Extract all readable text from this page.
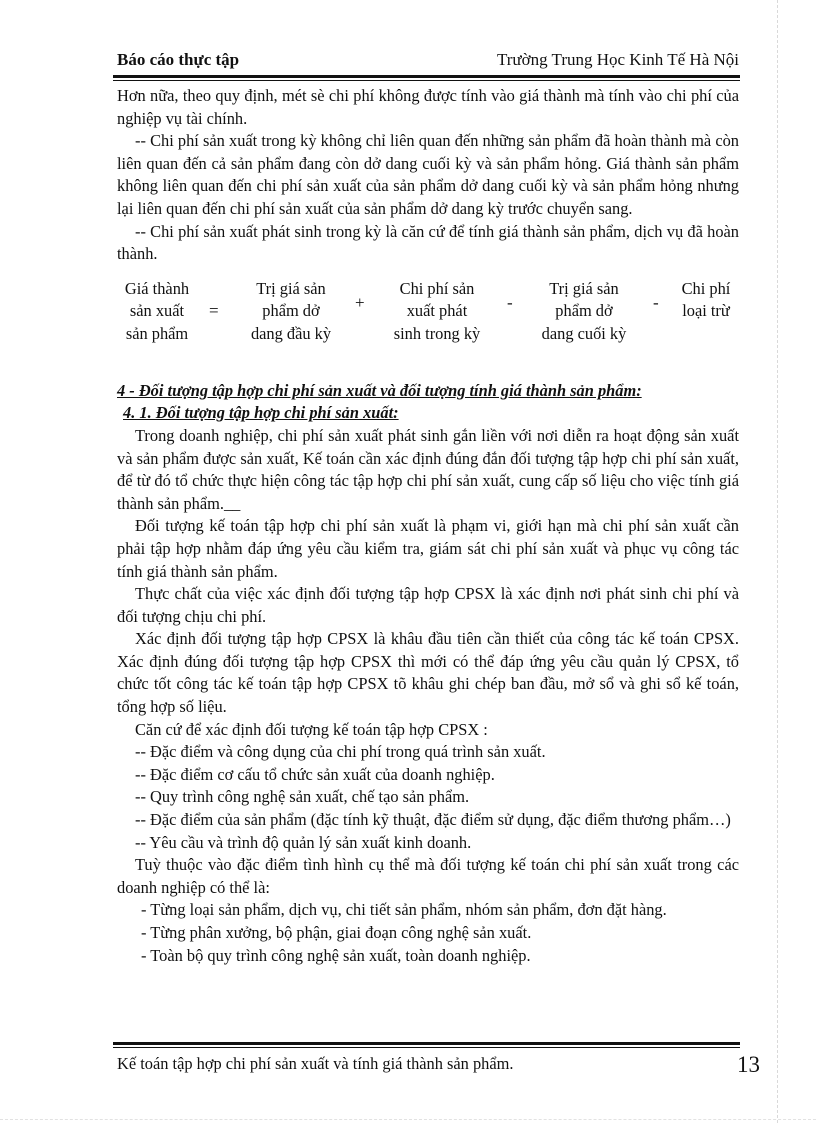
Báo cáo thực tập	Trường Trung Học Kinh Tế Hà Nội

Hơn nữa, theo quy định, mét sè chi phí không được tính vào giá thành mà tính vào chi phí của nghiệp vụ tài chính.

-- Chi phí sản xuất trong kỳ không chỉ liên quan đến những sản phẩm đã hoàn thành mà còn liên quan đến cả sản phẩm đang còn dở dang cuối kỳ và sản phẩm hỏng. Giá thành sản phẩm không liên quan đến chi phí sản xuất của sản phẩm dở dang cuối kỳ và sản phẩm hỏng nhưng lại liên quan đến chi phí sản xuất của sản phẩm dở dang kỳ trước chuyển sang.

-- Chi phí sản xuất phát sinh trong kỳ là căn cứ để tính giá thành sản phẩm, dịch vụ đã hoàn thành.

Giá thành
sản xuất
sản phẩm
=
Trị giá sản
phẩm dở
dang đầu kỳ
+
Chi phí sản
xuất phát
sinh trong kỳ
-
Trị giá sản
phẩm dở
dang cuối kỳ
-
Chi phí
loại trừ

4 - Đối tượng tập hợp chi phí sản xuất và đối tượng tính giá thành sản phẩm:

4. 1. Đối tượng tập hợp chi phí sản xuất:

Trong doanh nghiệp, chi phí sản xuất phát sinh gắn liền với nơi diễn ra hoạt động sản xuất và sản phẩm được sản xuất, Kế toán cần xác định đúng đắn đối tượng tập hợp chi phí sản xuất, để từ đó tổ chức thực hiện công tác tập hợp chi phí sản xuất, cung cấp số liệu cho việc tính giá thành sản phẩm.__

Đối tượng kế toán tập hợp chi phí sản xuất là phạm vi, giới hạn mà chi phí sản xuất cần phải tập hợp nhằm đáp ứng yêu cầu kiểm tra, giám sát chi phí sản xuất và phục vụ công tác tính giá thành sản phẩm.

Thực chất của việc xác định đối tượng tập hợp CPSX là xác định nơi phát sinh chi phí và đối tượng chịu chi phí.

Xác định đối tượng tập hợp CPSX là khâu đầu tiên cần thiết của công tác kế toán CPSX. Xác định đúng đối tượng tập hợp CPSX thì mới có thể đáp ứng yêu cầu quản lý CPSX, tổ chức tốt công tác kế toán tập hợp CPSX tõ khâu ghi chép ban đầu, mở sổ và ghi sổ kế toán, tổng hợp số liệu.

Căn cứ để xác định đối tượng kế toán tập hợp CPSX :

-- Đặc điểm và công dụng của chi phí trong quá trình sản xuất.

-- Đặc điểm cơ cấu tổ chức sản xuất của doanh nghiệp.

-- Quy trình công nghệ sản xuất, chế tạo sản phẩm.

-- Đặc điểm của sản phẩm (đặc tính kỹ thuật, đặc điểm sử dụng, đặc điểm thương phẩm…)

-- Yêu cầu và trình độ quản lý sản xuất kinh doanh.

Tuỳ thuộc vào đặc điểm tình hình cụ thể mà đối tượng kế toán chi phí sản xuất trong các doanh nghiệp có thể là:

- Từng loại sản phẩm, dịch vụ, chi tiết sản phẩm, nhóm sản phẩm, đơn đặt hàng.

- Từng phân xưởng, bộ phận, giai đoạn công nghệ sản xuất.

- Toàn bộ quy trình công nghệ sản xuất, toàn doanh nghiệp.

Kế toán tập hợp chi phí sản xuất và tính giá thành sản phẩm.	13
